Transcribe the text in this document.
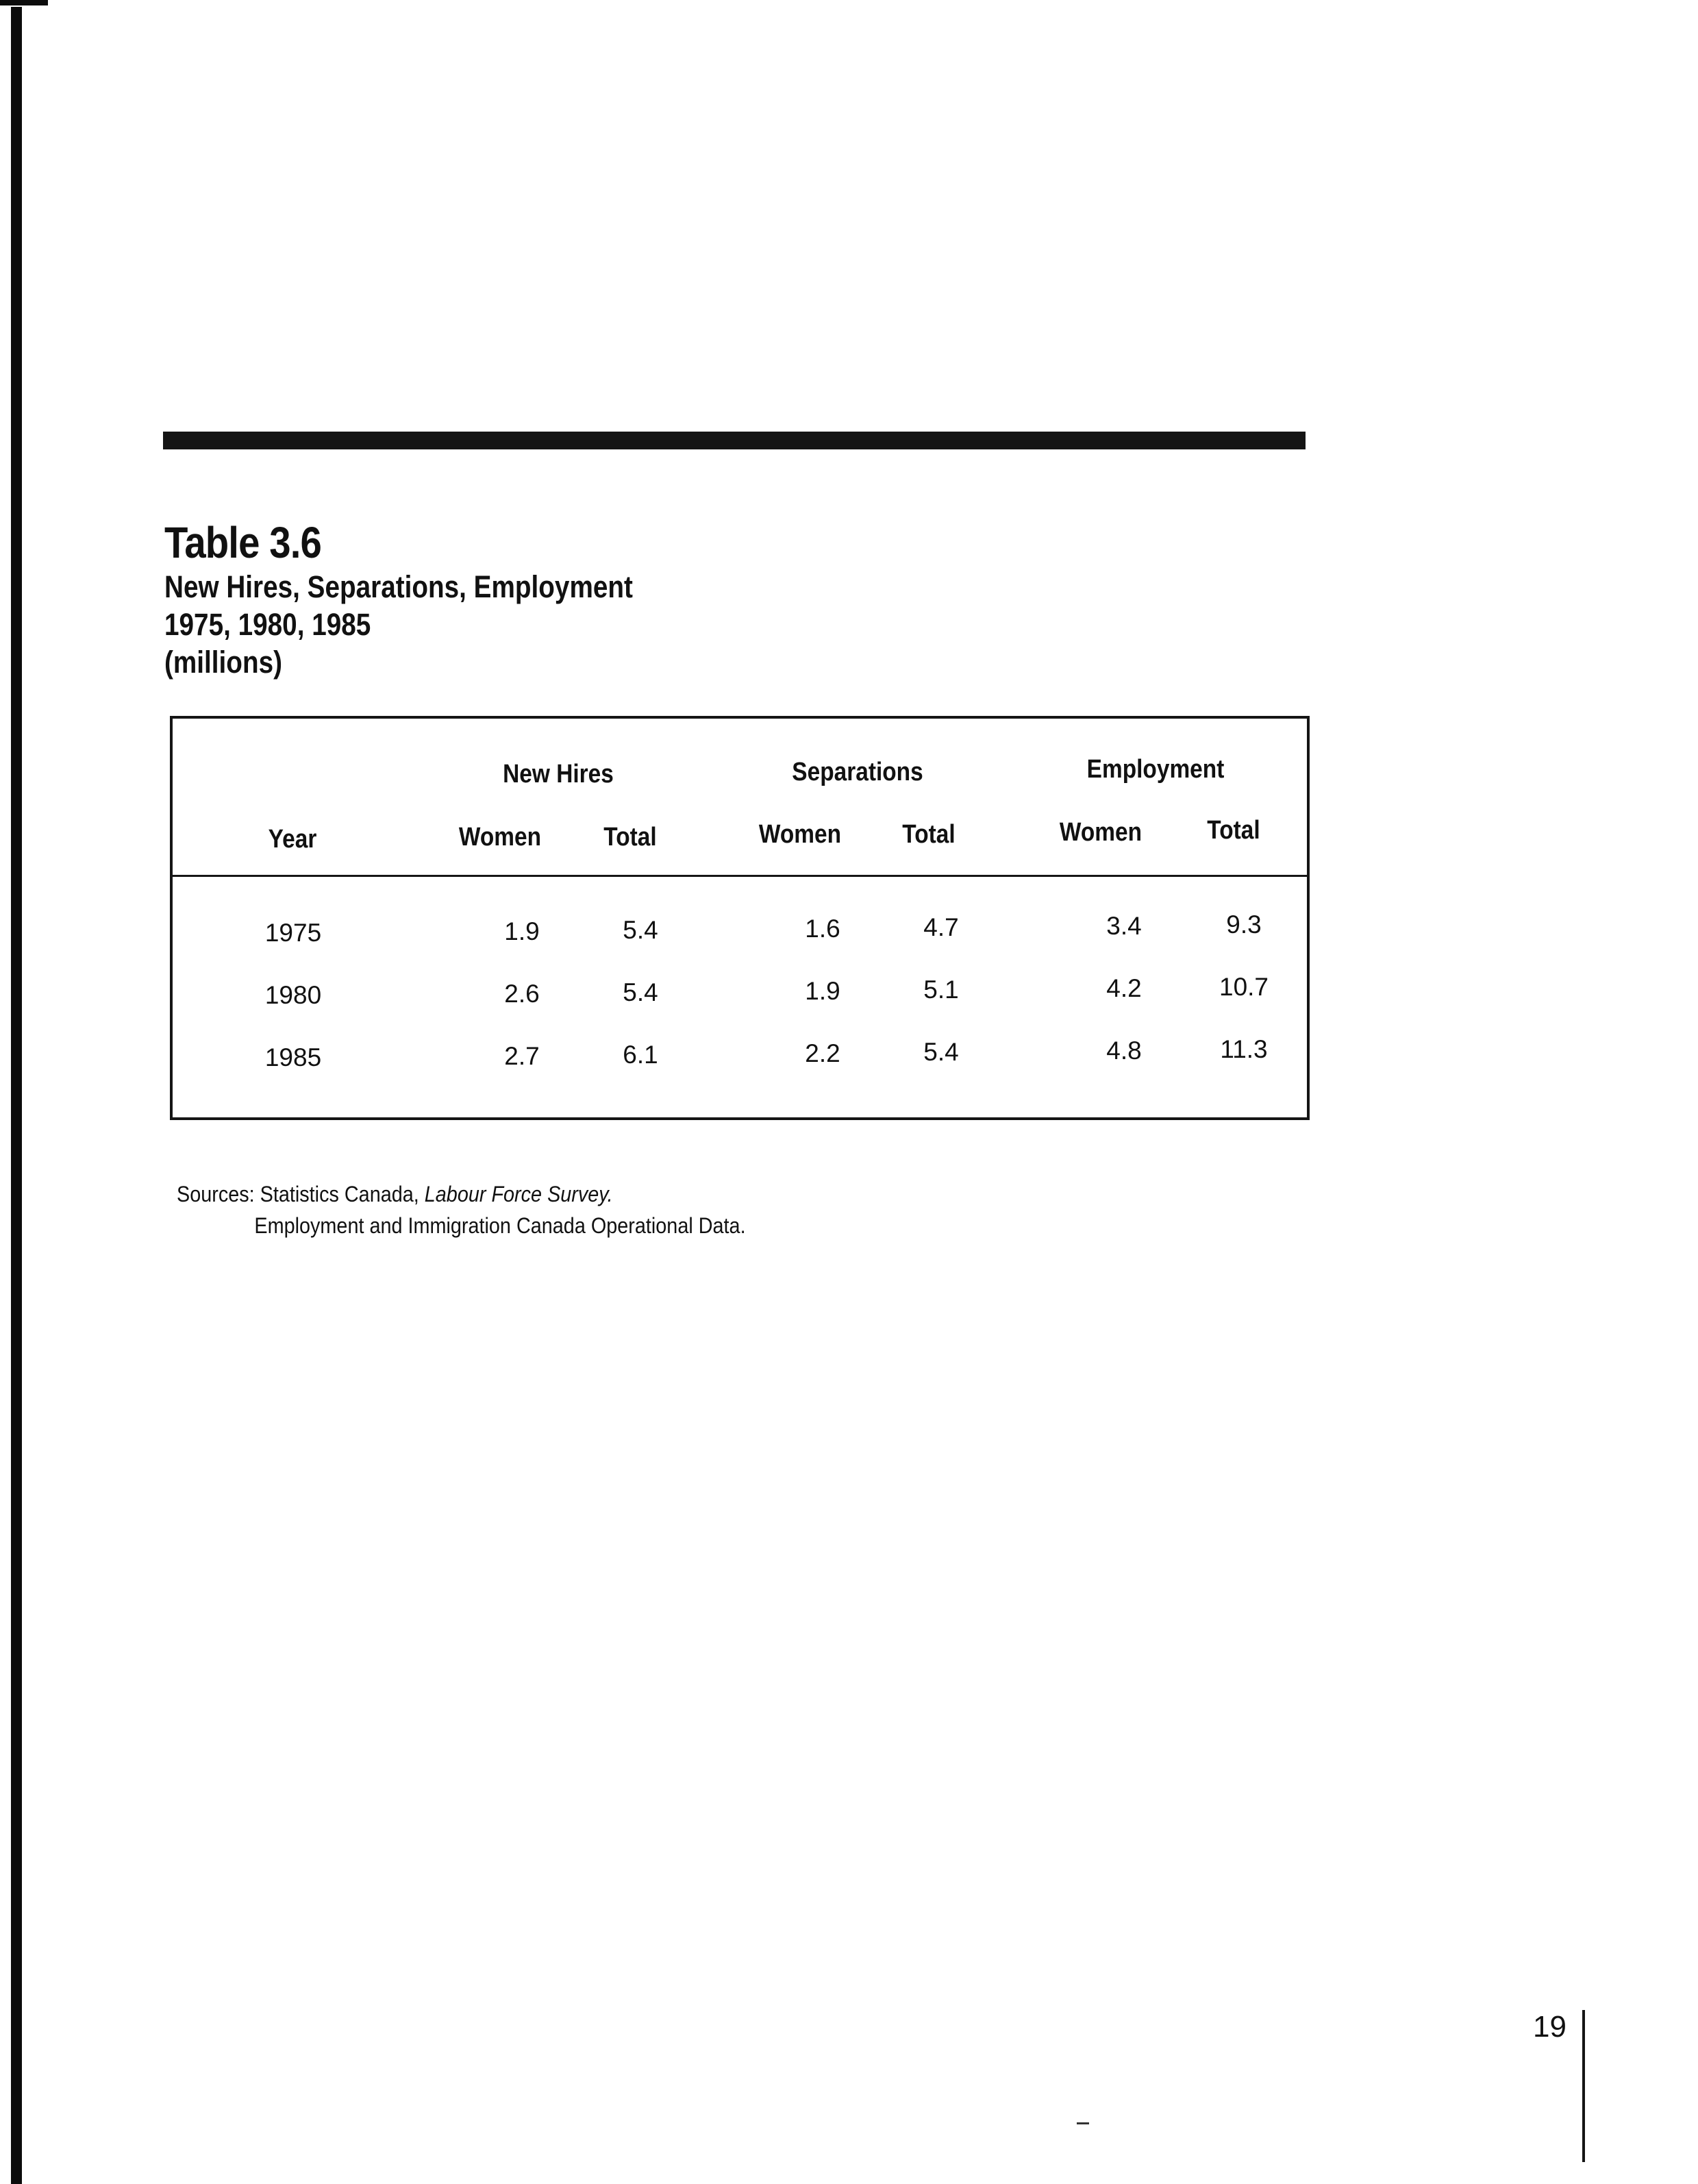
Table 3.6
New Hires, Separations, Employment
1975, 1980, 1985
(millions)
New Hires	Separations	Employment
Year	Women Total	Women Total	Women	Total
1975	1.9	5.4	1.6	4.7	3.4	9.3
1980	2.6	5.4	1.9	5.1	4.2	10.7
1985	2.7	6.1	2.2	5.4	4.8	11.3
Sources: Statistics Canada, Labour Force Survey.
Employment and Immigration Canada Operational Data.
19
